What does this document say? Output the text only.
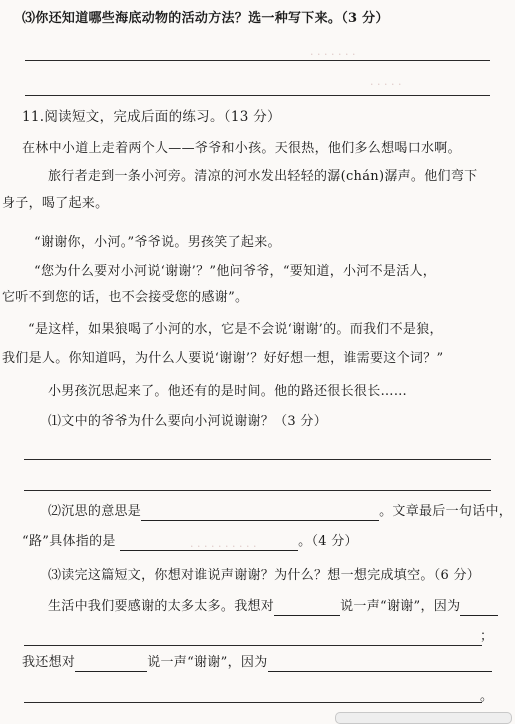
· · · · · · ·
· · · · ·
· · · · · · · · · ·
⑶你还知道哪些海底动物的活动方法？选一种写下来。（3 分）
11.阅读短文，完成后面的练习。（13 分）
在林中小道上走着两个人——爷爷和小孩。天很热，他们多么想喝口水啊。
旅行者走到一条小河旁。清凉的河水发出轻轻的潺(chán)潺声。他们弯下
身子，喝了起来。
“谢谢你，小河。”爷爷说。男孩笑了起来。
“您为什么要对小河说‘谢谢’？”他问爷爷，“要知道，小河不是活人，
它听不到您的话，也不会接受您的感谢”。
“是这样，如果狼喝了小河的水，它是不会说‘谢谢’的。而我们不是狼，
我们是人。你知道吗，为什么人要说‘谢谢’？好好想一想，谁需要这个词？”
小男孩沉思起来了。他还有的是时间。他的路还很长很长……
⑴文中的爷爷为什么要向小河说谢谢？（3 分）
⑵沉思的意思是	。文章最后一句话中，
“路”具体指的是	。（4 分）
⑶读完这篇短文，你想对谁说声谢谢？为什么？想一想完成填空。（6 分）
生活中我们要感谢的太多太多。我想对	说一声“谢谢”，因为
；
我还想对	说一声“谢谢”，因为
。
